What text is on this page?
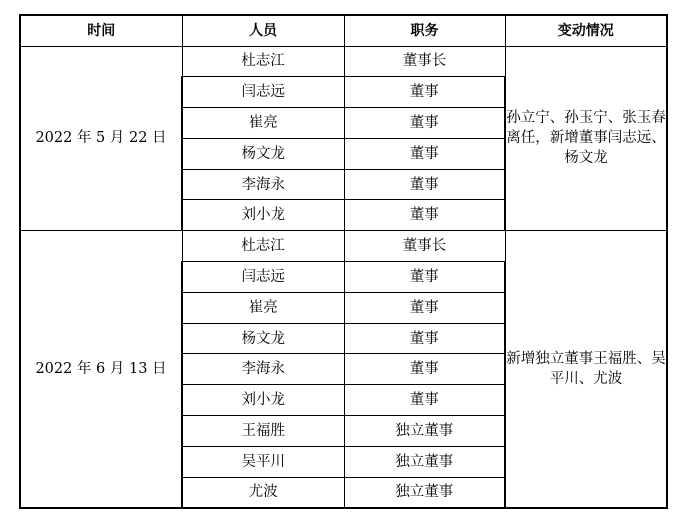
时间	人员	职务	变动情况
2022 年 5 月 22 日	杜志江	董事长	孙立宁、孙玉宁、张玉春离任，新增董事闫志远、杨文龙
	闫志远	董事	
	崔亮	董事	
	杨文龙	董事	
	李海永	董事	
	刘小龙	董事	
2022 年 6 月 13 日	杜志江	董事长	新增独立董事王福胜、吴平川、尤波
	闫志远	董事	
	崔亮	董事	
	杨文龙	董事	
	李海永	董事	
	刘小龙	董事	
	王福胜	独立董事	
	吴平川	独立董事	
	尤波	独立董事	
